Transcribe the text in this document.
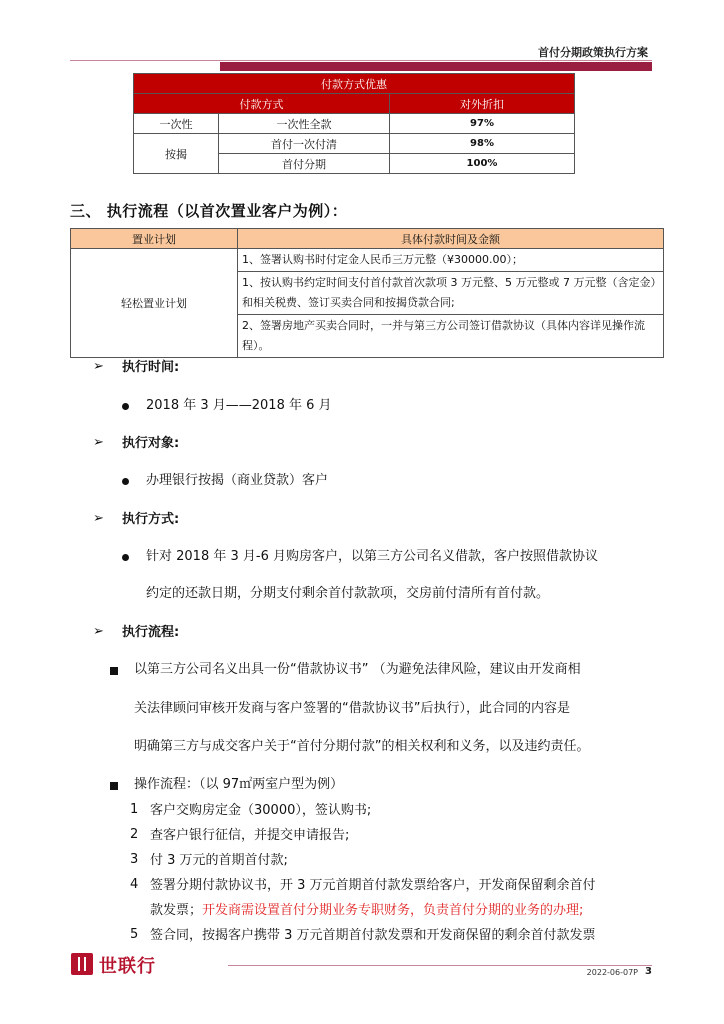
首付分期政策执行方案
付款方式优惠		
付款方式		对外折扣
一次性	一次性全款	97%
按揭	首付一次付清	98%
	首付分期	100%
三、 执行流程（以首次置业客户为例）：
置业计划	具体付款时间及金额
轻松置业计划	1、签署认购书时付定金人民币三万元整（¥30000.00）；
	1、按认购书约定时间支付首付款首次款项 3 万元整、5 万元整或 7 万元整（含定金）和相关税费、签订买卖合同和按揭贷款合同;
	2、签署房地产买卖合同时，一并与第三方公司签订借款协议（具体内容详见操作流程）。
➢ 执行时间:
2018 年 3 月——2018 年 6 月
➢ 执行对象:
办理银行按揭（商业贷款）客户
➢ 执行方式:
针对 2018 年 3 月-6 月购房客户，以第三方公司名义借款，客户按照借款协议
约定的还款日期，分期支付剩余首付款款项，交房前付清所有首付款。
➢ 执行流程:
以第三方公司名义出具一份“借款协议书” （为避免法律风险，建议由开发商相
关法律顾问审核开发商与客户签署的“借款协议书”后执行），此合同的内容是
明确第三方与成交客户关于“首付分期付款”的相关权利和义务，以及违约责任。
操作流程：（以 97㎡两室户型为例）
1 客户交购房定金（30000），签认购书;
2 查客户银行征信，并提交申请报告;
3 付 3 万元的首期首付款;
4 签署分期付款协议书，开 3 万元首期首付款发票给客户，开发商保留剩余首付
款发票；开发商需设置首付分期业务专职财务，负责首付分期的业务的办理;
5 签合同，按揭客户携带 3 万元首期首付款发票和开发商保留的剩余首付款发票
世联行	2022-06-07P 3
